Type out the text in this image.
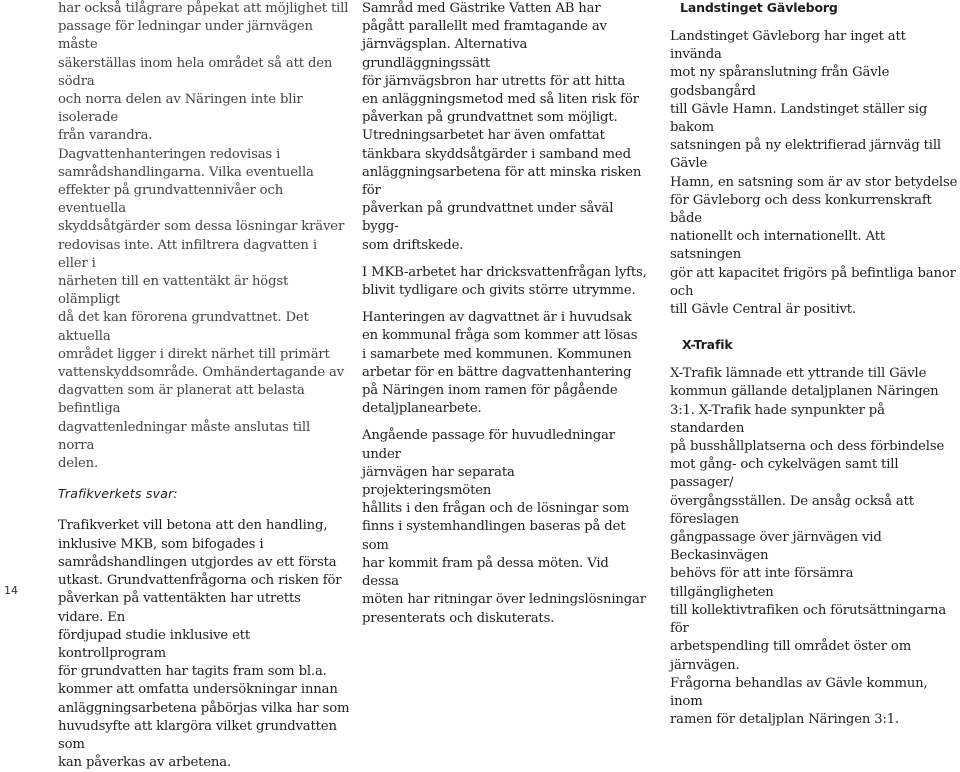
har också tilågrare påpekat att möjlighet till
passage för ledningar under järnvägen måste
säkerställas inom hela området så att den södra
och norra delen av Näringen inte blir isolerade
från varandra.
Dagvattenhanteringen redovisas i
samrådshandlingarna. Vilka eventuella
effekter på grundvattennivåer och eventuella
skyddsåtgärder som dessa lösningar kräver
redovisas inte. Att infiltrera dagvatten i eller i
närheten till en vattentäkt är högst olämpligt
då det kan förorena grundvattnet. Det aktuella
området ligger i direkt närhet till primärt
vattenskyddsområde. Omhändertagande av
dagvatten som är planerat att belasta befintliga
dagvattenledningar måste anslutas till norra
delen.

Trafikverkets svar:

Trafikverket vill betona att den handling,
inklusive MKB, som bifogades i
samrådshandlingen utgjordes av ett första
utkast. Grundvattenfrågorna och risken för
påverkan på vattentäkten har utretts vidare. En
fördjupad studie inklusive ett kontrollprogram
för grundvatten har tagits fram som bl.a.
kommer att omfatta undersökningar innan
anläggningsarbetena påbörjas vilka har som
huvudsyfte att klargöra vilket grundvatten som
kan påverkas av arbetena.

Samråd med Gästrike Vatten AB har
pågått parallellt med framtagande av
järnvägsplan. Alternativa grundläggningssätt
för järnvägsbron har utretts för att hitta
en anläggningsmetod med så liten risk för
påverkan på grundvattnet som möjligt.
Utredningsarbetet har även omfattat
tänkbara skyddsåtgärder i samband med
anläggningsarbetena för att minska risken för
påverkan på grundvattnet under såväl bygg-
som driftskede.

I MKB-arbetet har dricksvattenfrågan lyfts,
blivit tydligare och givits större utrymme.

Hanteringen av dagvattnet är i huvudsak
en kommunal fråga som kommer att lösas
i samarbete med kommunen. Kommunen
arbetar för en bättre dagvattenhantering
på Näringen inom ramen för pågående
detaljplanearbete.

Angående passage för huvudledningar under
järnvägen har separata projekteringsmöten
hållits i den frågan och de lösningar som
finns i systemhandlingen baseras på det som
har kommit fram på dessa möten. Vid dessa
möten har ritningar över ledningslösningar
presenterats och diskuterats.

Landstinget Gävleborg

Landstinget Gävleborg har inget att invända
mot ny spåranslutning från Gävle godsbangård
till Gävle Hamn. Landstinget ställer sig bakom
satsningen på ny elektrifierad järnväg till Gävle
Hamn, en satsning som är av stor betydelse
för Gävleborg och dess konkurrenskraft både
nationellt och internationellt. Att satsningen
gör att kapacitet frigörs på befintliga banor och
till Gävle Central är positivt.

X-Trafik

X-Trafik lämnade ett yttrande till Gävle
kommun gällande detaljplanen Näringen
3:1. X-Trafik hade synpunkter på standarden
på busshållplatserna och dess förbindelse
mot gång- och cykelvägen samt till passager/
övergångsställen. De ansåg också att föreslagen
gångpassage över järnvägen vid Beckasinvägen
behövs för att inte försämra tillgängligheten
till kollektivtrafiken och förutsättningarna för
arbetspendling till området öster om järnvägen.
Frågorna behandlas av Gävle kommun, inom
ramen för detaljplan Näringen 3:1.

14
